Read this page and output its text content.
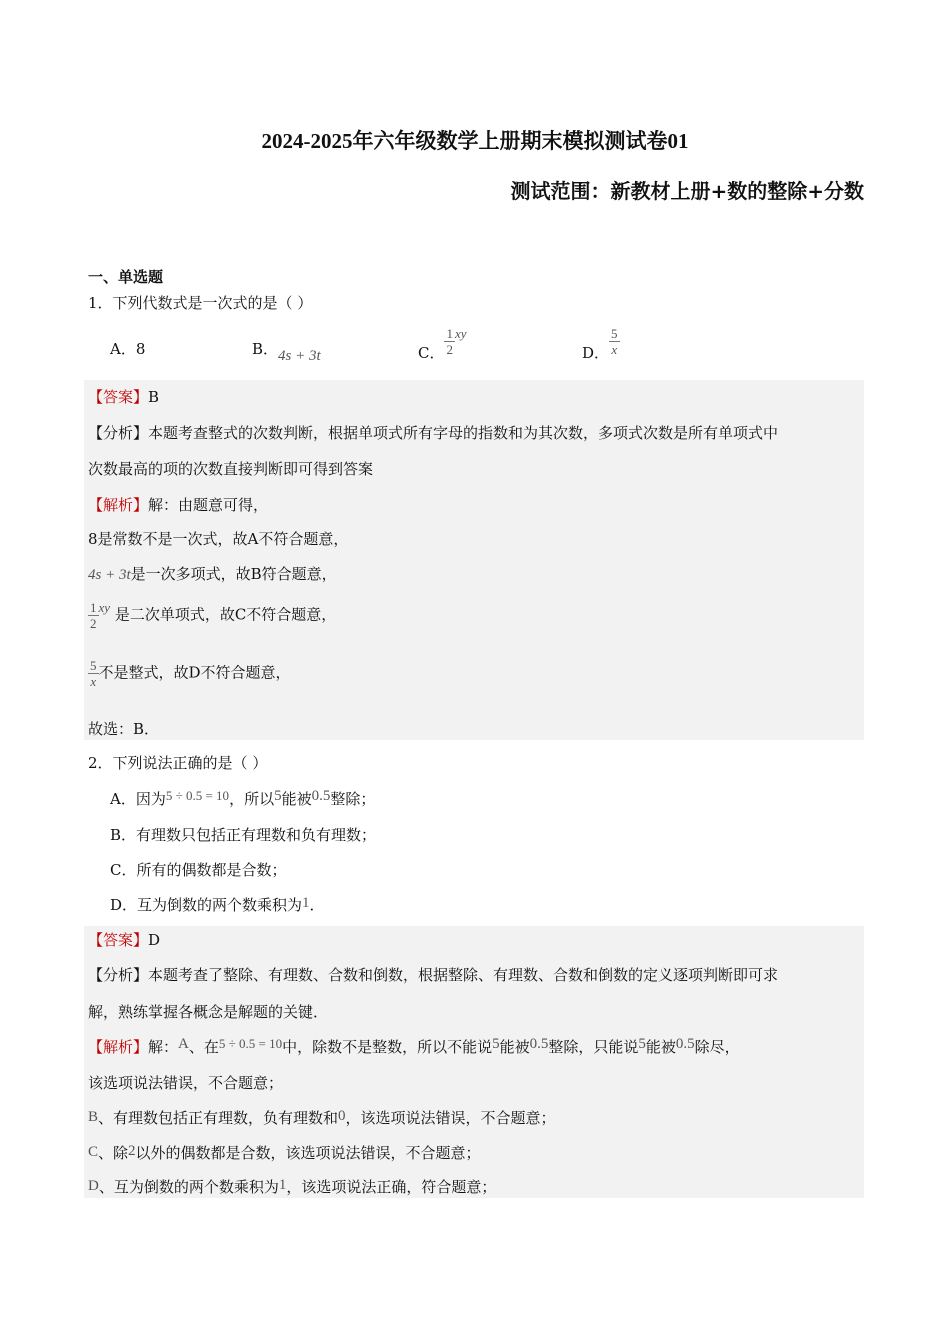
2024-2025年六年级数学上册期末模拟测试卷01
测试范围：新教材上册+数的整除+分数
一、单选题
1．下列代数式是一次式的是（ ）
A．8	B．4s + 3t	C． $\frac{1}{2}$ xy
D． $\frac{5}{x}$
【答案】B
【分析】本题考查整式的次数判断，根据单项式所有字母的指数和为其次数，多项式次数是所有单项式中
次数最高的项的次数直接判断即可得到答案
【解析】解：由题意可得，
8是常数不是一次式，故A不符合题意，
4s + 3t是一次多项式，故B符合题意，
$\frac{1}{2}$ xy 是二次单项式，故C不符合题意，
$\frac{5}{x}$ 不是整式，故D不符合题意，
故选：B．
2．下列说法正确的是（ ）
A．因为5 ÷ 0.5 = 10，所以5能被0.5整除；
B．有理数只包括正有理数和负有理数；
C．所有的偶数都是合数；
D．互为倒数的两个数乘积为1．
【答案】D
【分析】本题考查了整除、有理数、合数和倒数，根据整除、有理数、合数和倒数的定义逐项判断即可求
解，熟练掌握各概念是解题的关键．
【解析】解：A、在5 ÷ 0.5 = 10中，除数不是整数，所以不能说5能被0.5整除，只能说5能被0.5除尽，
该选项说法错误，不合题意；
B、有理数包括正有理数，负有理数和0，该选项说法错误，不合题意；
C、除2以外的偶数都是合数，该选项说法错误，不合题意；
D、互为倒数的两个数乘积为1，该选项说法正确，符合题意；
